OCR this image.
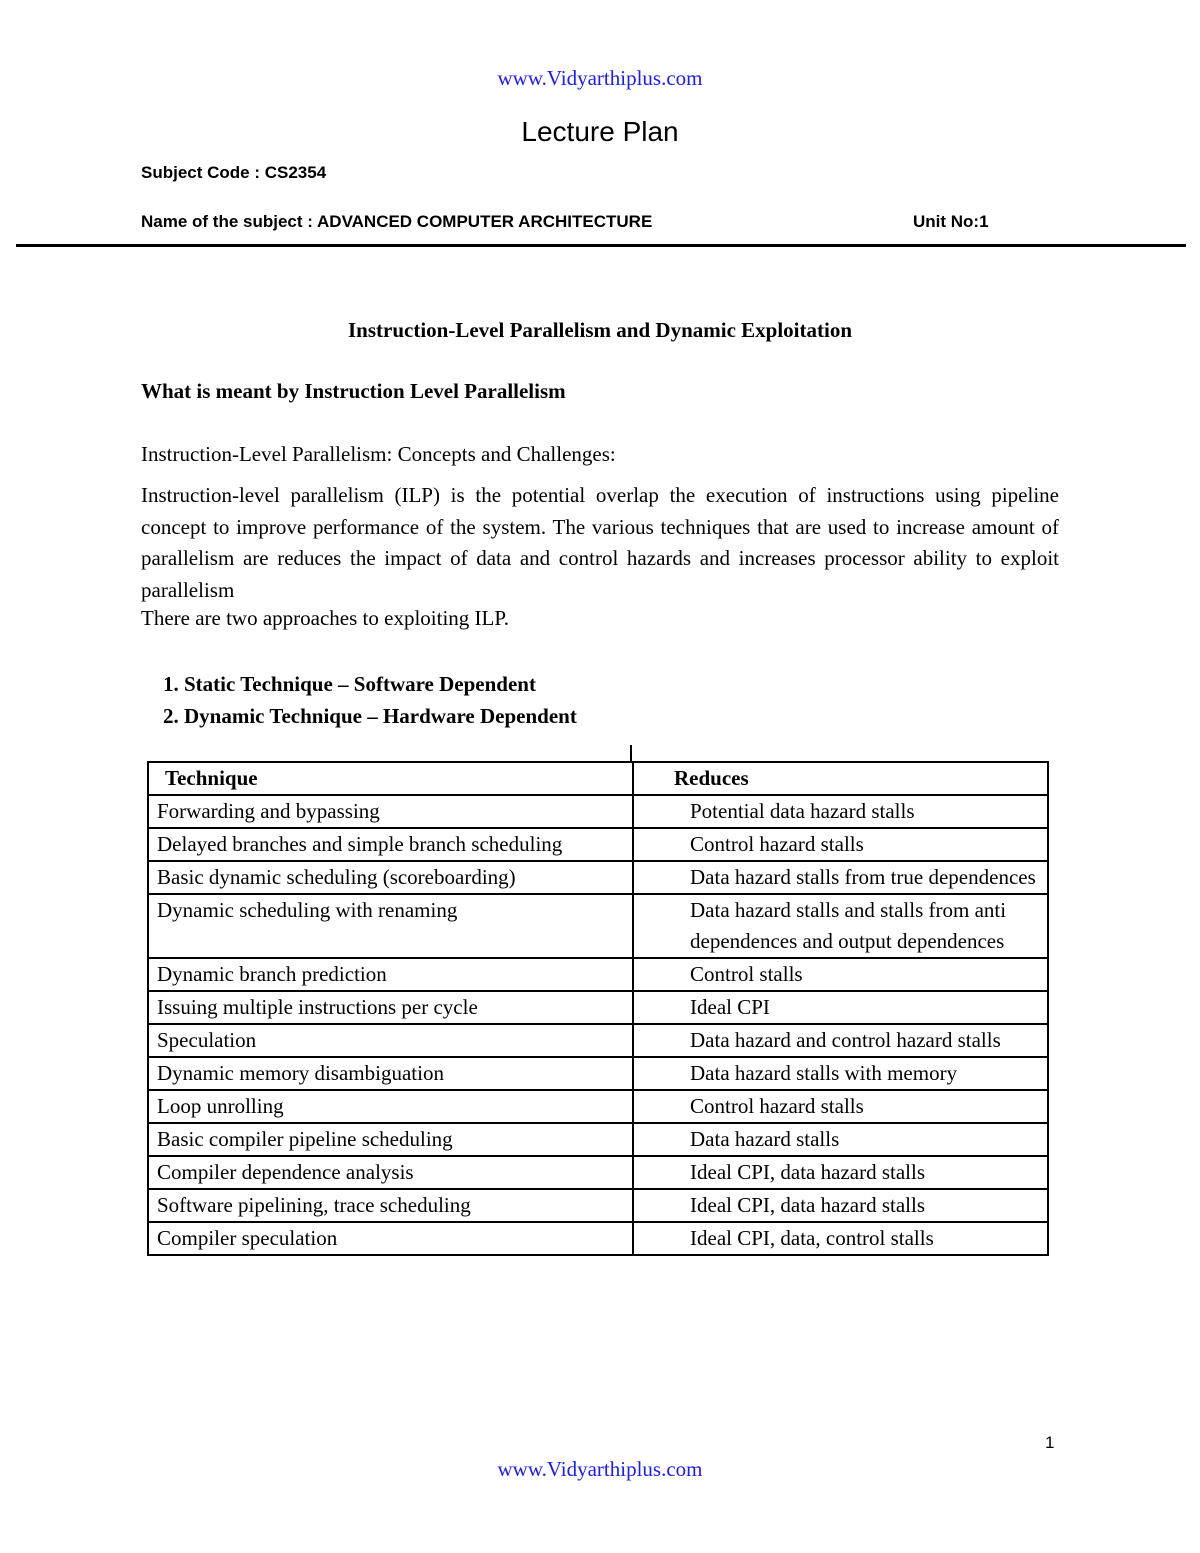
www.Vidyarthiplus.com
Lecture Plan
Subject Code : CS2354
Name of the subject : ADVANCED COMPUTER ARCHITECTURE	Unit No:1
Instruction-Level Parallelism and Dynamic Exploitation
What is meant by Instruction Level Parallelism
Instruction-Level Parallelism: Concepts and Challenges:
Instruction-level parallelism (ILP) is the potential overlap the execution of instructions using pipeline concept to improve performance of the system. The various techniques that are used to increase amount of parallelism are reduces the impact of data and control hazards and increases processor ability to exploit parallelism
There are two approaches to exploiting ILP.
1. Static Technique – Software Dependent
2. Dynamic Technique – Hardware Dependent
Technique	Reduces
Forwarding and bypassing	Potential data hazard stalls
Delayed branches and simple branch scheduling	Control hazard stalls
Basic dynamic scheduling (scoreboarding)	Data hazard stalls from true dependences
Dynamic scheduling with renaming	Data hazard stalls and stalls from anti dependences and output dependences
Dynamic branch prediction	Control stalls
Issuing multiple instructions per cycle	Ideal CPI
Speculation	Data hazard and control hazard stalls
Dynamic memory disambiguation	Data hazard stalls with memory
Loop unrolling	Control hazard stalls
Basic compiler pipeline scheduling	Data hazard stalls
Compiler dependence analysis	Ideal CPI, data hazard stalls
Software pipelining, trace scheduling	Ideal CPI, data hazard stalls
Compiler speculation	Ideal CPI, data, control stalls
1
www.Vidyarthiplus.com
